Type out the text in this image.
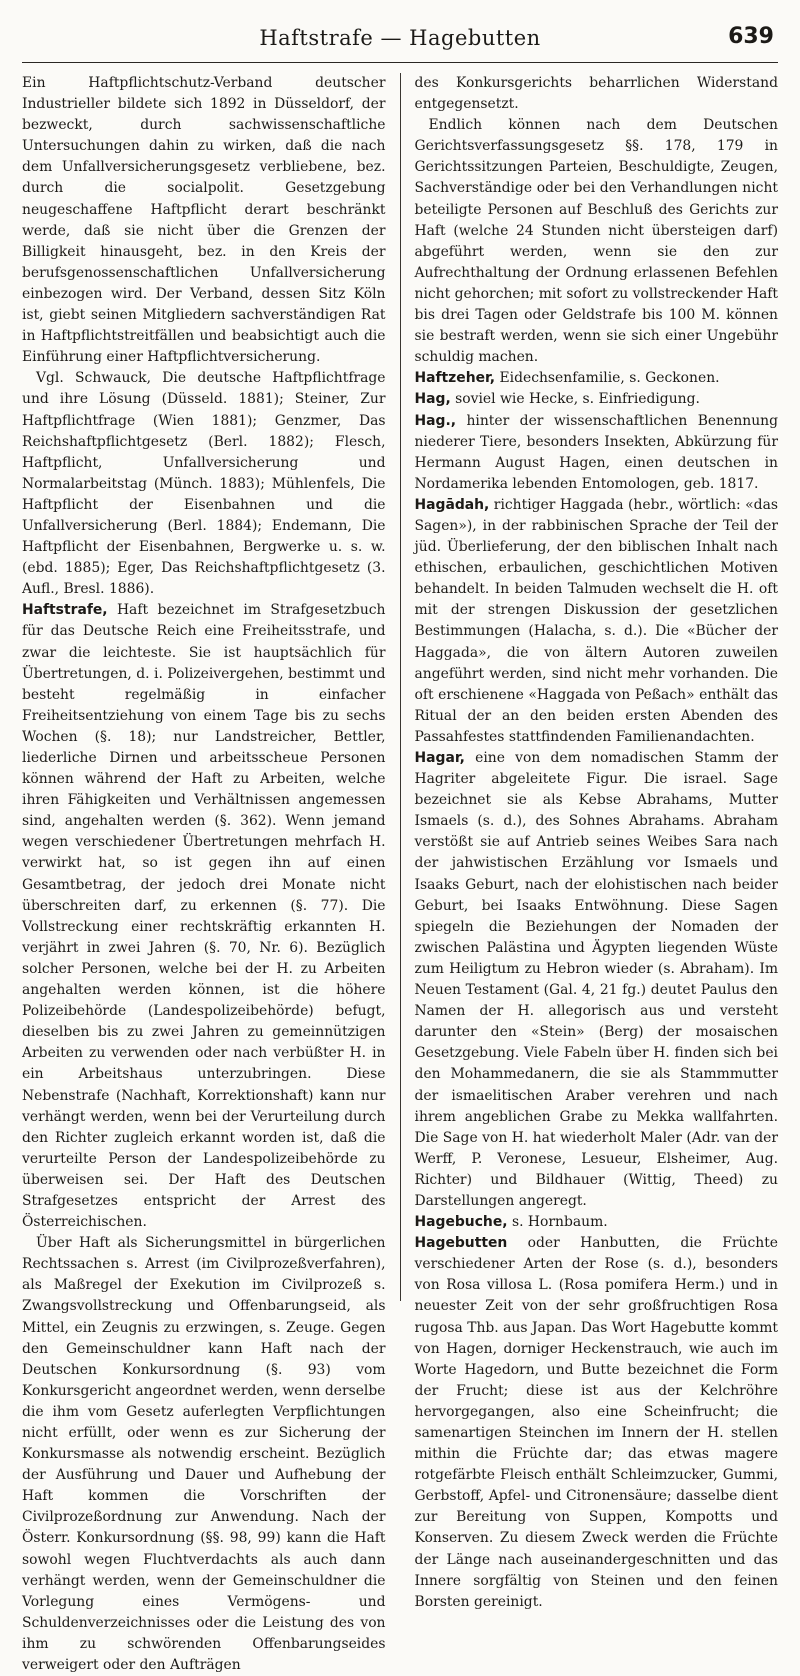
Haftstrafe — Hagebutten	639

Ein Haftpflichtschutz-Verband deutscher Industrieller bildete sich 1892 in Düsseldorf, der bezweckt, durch sachwissenschaftliche Untersuchungen dahin zu wirken, daß die nach dem Unfallversicherungsgesetz verbliebene, bez. durch die socialpolit. Gesetzgebung neugeschaffene Haftpflicht derart beschränkt werde, daß sie nicht über die Grenzen der Billigkeit hinausgeht, bez. in den Kreis der berufsgenossenschaftlichen Unfallversicherung einbezogen wird. Der Verband, dessen Sitz Köln ist, giebt seinen Mitgliedern sachverständigen Rat in Haftpflichtstreitfällen und beabsichtigt auch die Einführung einer Haftpflichtversicherung.

Vgl. Schwauck, Die deutsche Haftpflichtfrage und ihre Lösung (Düsseld. 1881); Steiner, Zur Haftpflichtfrage (Wien 1881); Genzmer, Das Reichshaftpflichtgesetz (Berl. 1882); Flesch, Haftpflicht, Unfallversicherung und Normalarbeitstag (Münch. 1883); Mühlenfels, Die Haftpflicht der Eisenbahnen und die Unfallversicherung (Berl. 1884); Endemann, Die Haftpflicht der Eisenbahnen, Bergwerke u. s. w. (ebd. 1885); Eger, Das Reichshaftpflichtgesetz (3. Aufl., Bresl. 1886).

Haftstrafe, Haft bezeichnet im Strafgesetzbuch für das Deutsche Reich eine Freiheitsstrafe, und zwar die leichteste. Sie ist hauptsächlich für Übertretungen, d. i. Polizeivergehen, bestimmt und besteht regelmäßig in einfacher Freiheitsentziehung von einem Tage bis zu sechs Wochen (§. 18); nur Landstreicher, Bettler, liederliche Dirnen und arbeitsscheue Personen können während der Haft zu Arbeiten, welche ihren Fähigkeiten und Verhältnissen angemessen sind, angehalten werden (§. 362). Wenn jemand wegen verschiedener Übertretungen mehrfach H. verwirkt hat, so ist gegen ihn auf einen Gesamtbetrag, der jedoch drei Monate nicht überschreiten darf, zu erkennen (§. 77). Die Vollstreckung einer rechtskräftig erkannten H. verjährt in zwei Jahren (§. 70, Nr. 6). Bezüglich solcher Personen, welche bei der H. zu Arbeiten angehalten werden können, ist die höhere Polizeibehörde (Landespolizeibehörde) befugt, dieselben bis zu zwei Jahren zu gemeinnützigen Arbeiten zu verwenden oder nach verbüßter H. in ein Arbeitshaus unterzubringen. Diese Nebenstrafe (Nachhaft, Korrektionshaft) kann nur verhängt werden, wenn bei der Verurteilung durch den Richter zugleich erkannt worden ist, daß die verurteilte Person der Landespolizeibehörde zu überweisen sei. Der Haft des Deutschen Strafgesetzes entspricht der Arrest des Österreichischen.

Über Haft als Sicherungsmittel in bürgerlichen Rechtssachen s. Arrest (im Civilprozeßverfahren), als Maßregel der Exekution im Civilprozeß s. Zwangsvollstreckung und Offenbarungseid, als Mittel, ein Zeugnis zu erzwingen, s. Zeuge. Gegen den Gemeinschuldner kann Haft nach der Deutschen Konkursordnung (§. 93) vom Konkursgericht angeordnet werden, wenn derselbe die ihm vom Gesetz auferlegten Verpflichtungen nicht erfüllt, oder wenn es zur Sicherung der Konkursmasse als notwendig erscheint. Bezüglich der Ausführung und Dauer und Aufhebung der Haft kommen die Vorschriften der Civilprozeßordnung zur Anwendung. Nach der Österr. Konkursordnung (§§. 98, 99) kann die Haft sowohl wegen Fluchtverdachts als auch dann verhängt werden, wenn der Gemeinschuldner die Vorlegung eines Vermögens- und Schuldenverzeichnisses oder die Leistung des von ihm zu schwörenden Offenbarungseides verweigert oder den Aufträgen

des Konkursgerichts beharrlichen Widerstand entgegensetzt.

Endlich können nach dem Deutschen Gerichtsverfassungsgesetz §§. 178, 179 in Gerichtssitzungen Parteien, Beschuldigte, Zeugen, Sachverständige oder bei den Verhandlungen nicht beteiligte Personen auf Beschluß des Gerichts zur Haft (welche 24 Stunden nicht übersteigen darf) abgeführt werden, wenn sie den zur Aufrechthaltung der Ordnung erlassenen Befehlen nicht gehorchen; mit sofort zu vollstreckender Haft bis drei Tagen oder Geldstrafe bis 100 M. können sie bestraft werden, wenn sie sich einer Ungebühr schuldig machen.

Haftzeher, Eidechsenfamilie, s. Geckonen.

Hag, soviel wie Hecke, s. Einfriedigung.

Hag., hinter der wissenschaftlichen Benennung niederer Tiere, besonders Insekten, Abkürzung für Hermann August Hagen, einen deutschen in Nordamerika lebenden Entomologen, geb. 1817.

Hagādah, richtiger Haggada (hebr., wörtlich: «das Sagen»), in der rabbinischen Sprache der Teil der jüd. Überlieferung, der den biblischen Inhalt nach ethischen, erbaulichen, geschichtlichen Motiven behandelt. In beiden Talmuden wechselt die H. oft mit der strengen Diskussion der gesetzlichen Bestimmungen (Halacha, s. d.). Die «Bücher der Haggada», die von ältern Autoren zuweilen angeführt werden, sind nicht mehr vorhanden. Die oft erschienene «Haggada von Peßach» enthält das Ritual der an den beiden ersten Abenden des Passahfestes stattfindenden Familienandachten.

Hagar, eine von dem nomadischen Stamm der Hagriter abgeleitete Figur. Die israel. Sage bezeichnet sie als Kebse Abrahams, Mutter Ismaels (s. d.), des Sohnes Abrahams. Abraham verstößt sie auf Antrieb seines Weibes Sara nach der jahwistischen Erzählung vor Ismaels und Isaaks Geburt, nach der elohistischen nach beider Geburt, bei Isaaks Entwöhnung. Diese Sagen spiegeln die Beziehungen der Nomaden der zwischen Palästina und Ägypten liegenden Wüste zum Heiligtum zu Hebron wieder (s. Abraham). Im Neuen Testament (Gal. 4, 21 fg.) deutet Paulus den Namen der H. allegorisch aus und versteht darunter den «Stein» (Berg) der mosaischen Gesetzgebung. Viele Fabeln über H. finden sich bei den Mohammedanern, die sie als Stammmutter der ismaelitischen Araber verehren und nach ihrem angeblichen Grabe zu Mekka wallfahrten. Die Sage von H. hat wiederholt Maler (Adr. van der Werff, P. Veronese, Lesueur, Elsheimer, Aug. Richter) und Bildhauer (Wittig, Theed) zu Darstellungen angeregt.

Hagebuche, s. Hornbaum.

Hagebutten oder Hanbutten, die Früchte verschiedener Arten der Rose (s. d.), besonders von Rosa villosa L. (Rosa pomifera Herm.) und in neuester Zeit von der sehr großfruchtigen Rosa rugosa Thb. aus Japan. Das Wort Hagebutte kommt von Hagen, dorniger Heckenstrauch, wie auch im Worte Hagedorn, und Butte bezeichnet die Form der Frucht; diese ist aus der Kelchröhre hervorgegangen, also eine Scheinfrucht; die samenartigen Steinchen im Innern der H. stellen mithin die Früchte dar; das etwas magere rotgefärbte Fleisch enthält Schleimzucker, Gummi, Gerbstoff, Apfel- und Citronensäure; dasselbe dient zur Bereitung von Suppen, Kompotts und Konserven. Zu diesem Zweck werden die Früchte der Länge nach auseinandergeschnitten und das Innere sorgfältig von Steinen und den feinen Borsten gereinigt.
